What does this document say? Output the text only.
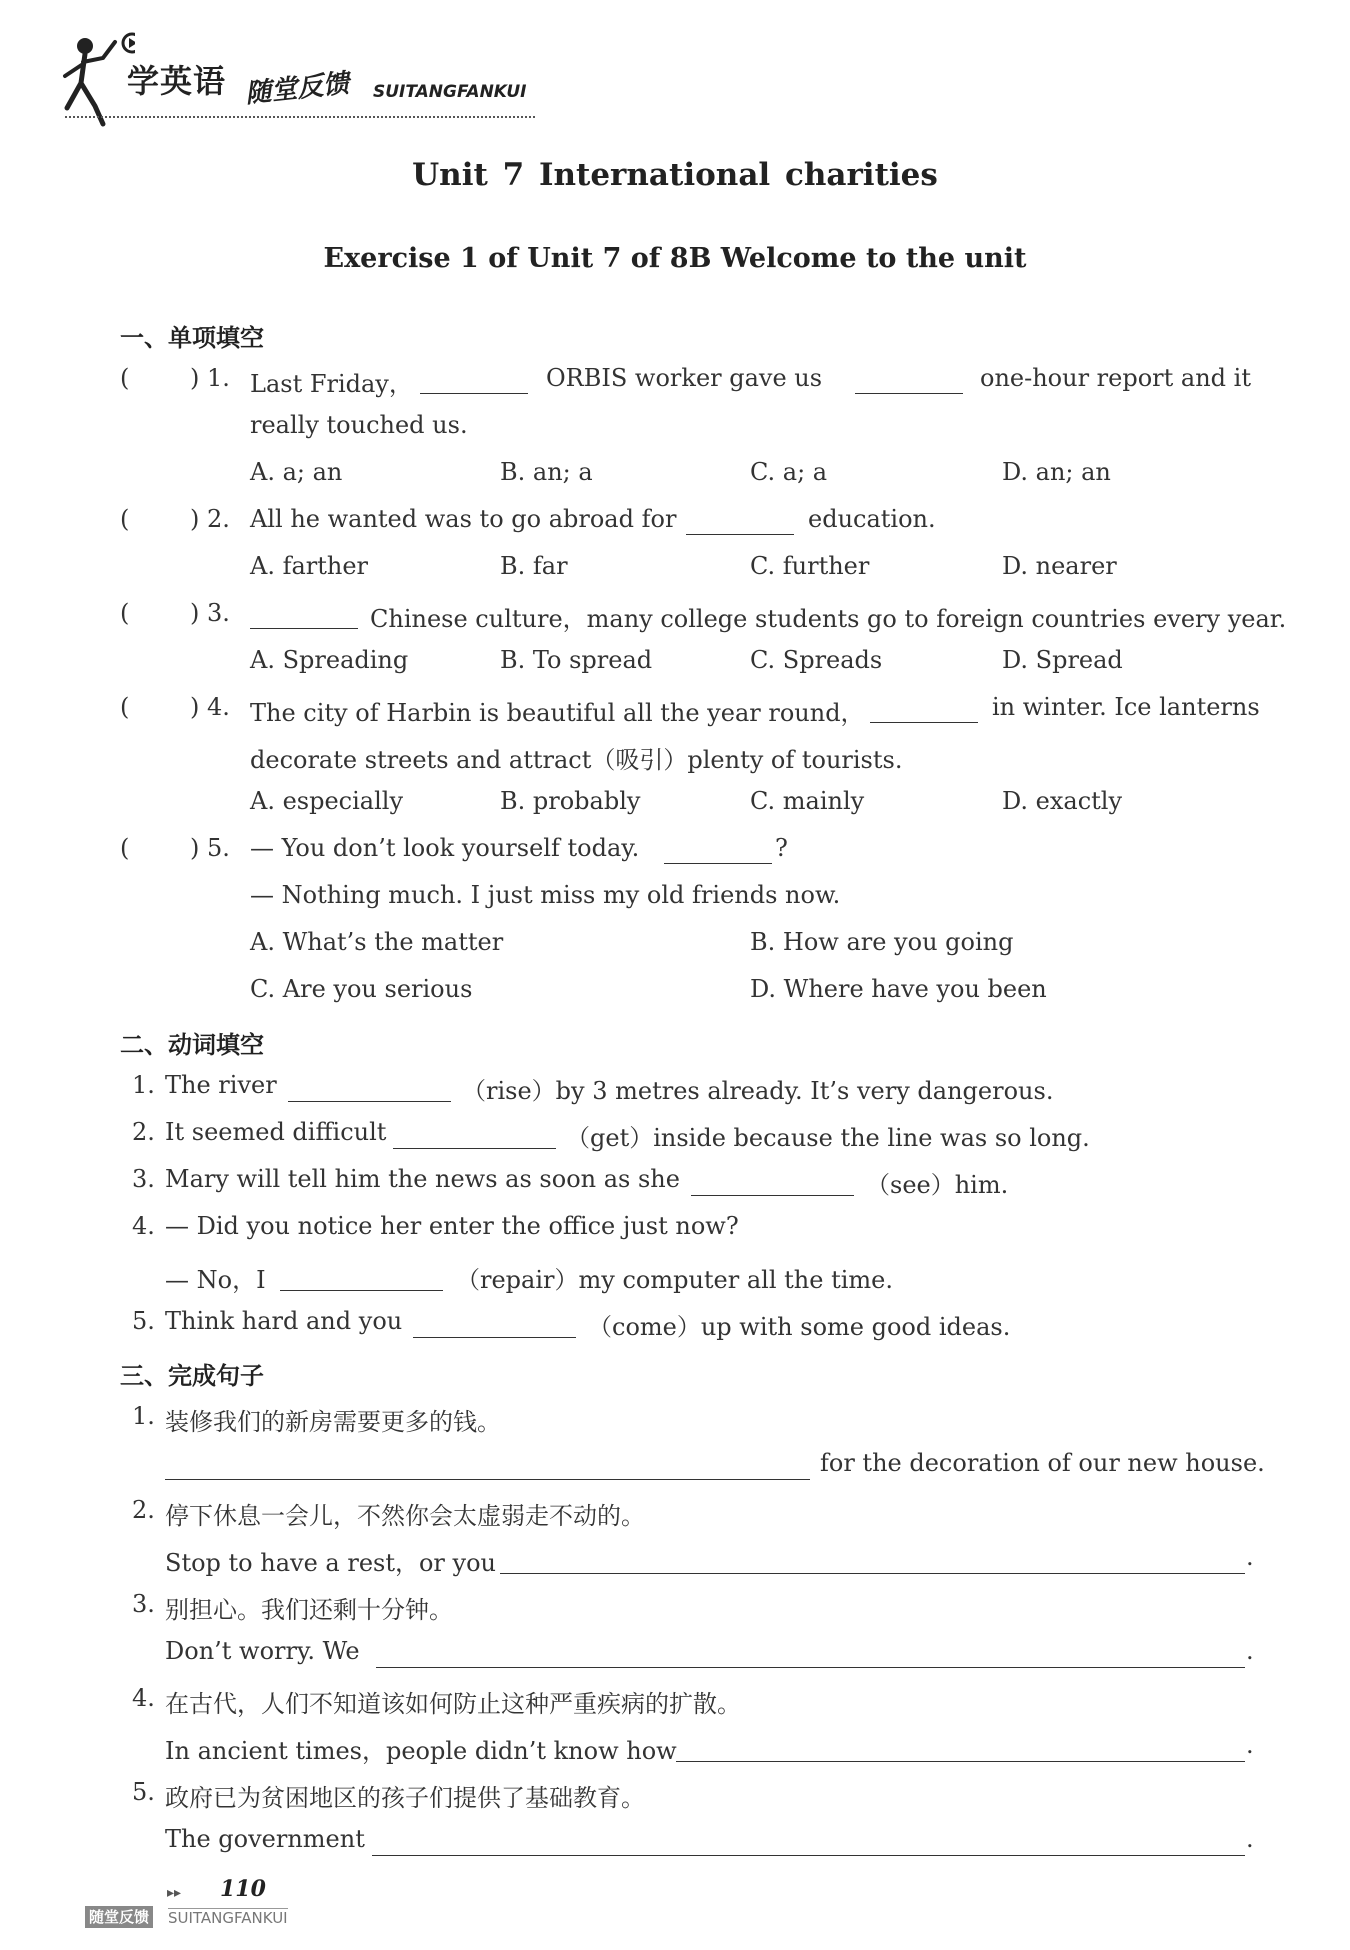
学英语 随堂反馈 SUITANGFANKUI
Unit 7 International charities
Exercise 1 of Unit 7 of 8B Welcome to the unit
一、单项填空
(	) 1. Last Friday，	ORBIS worker gave us	one-hour report and it
really touched us.
A. a; an	B. an; a	C. a; a	D. an; an
(	) 2. All he wanted was to go abroad for	education.
A. farther	B. far	C. further	D. nearer
(	) 3.	Chinese culture，many college students go to foreign countries every year.
A. Spreading	B. To spread	C. Spreads	D. Spread
(	) 4. The city of Harbin is beautiful all the year round，	in winter. Ice lanterns
decorate streets and attract（吸引）plenty of tourists.
A. especially	B. probably	C. mainly	D. exactly
(	) 5. — You don’t look yourself today.	?
— Nothing much. I just miss my old friends now.
A. What’s the matter	B. How are you going
C. Are you serious	D. Where have you been
二、动词填空
1. The river	（rise）by 3 metres already. It’s very dangerous.
2. It seemed difficult	（get）inside because the line was so long.
3. Mary will tell him the news as soon as she	（see）him.
4. — Did you notice her enter the office just now?
— No，I	（repair）my computer all the time.
5. Think hard and you	（come）up with some good ideas.
三、完成句子
1. 装修我们的新房需要更多的钱。
for the decoration of our new house.
2. 停下休息一会儿，不然你会太虚弱走不动的。
Stop to have a rest，or you	.
3. 别担心。我们还剩十分钟。
Don’t worry. We	.
4. 在古代，人们不知道该如何防止这种严重疾病的扩散。
In ancient times，people didn’t know how	.
5. 政府已为贫困地区的孩子们提供了基础教育。
The government	.
▸▸ 110
随堂反馈 SUITANGFANKUI
